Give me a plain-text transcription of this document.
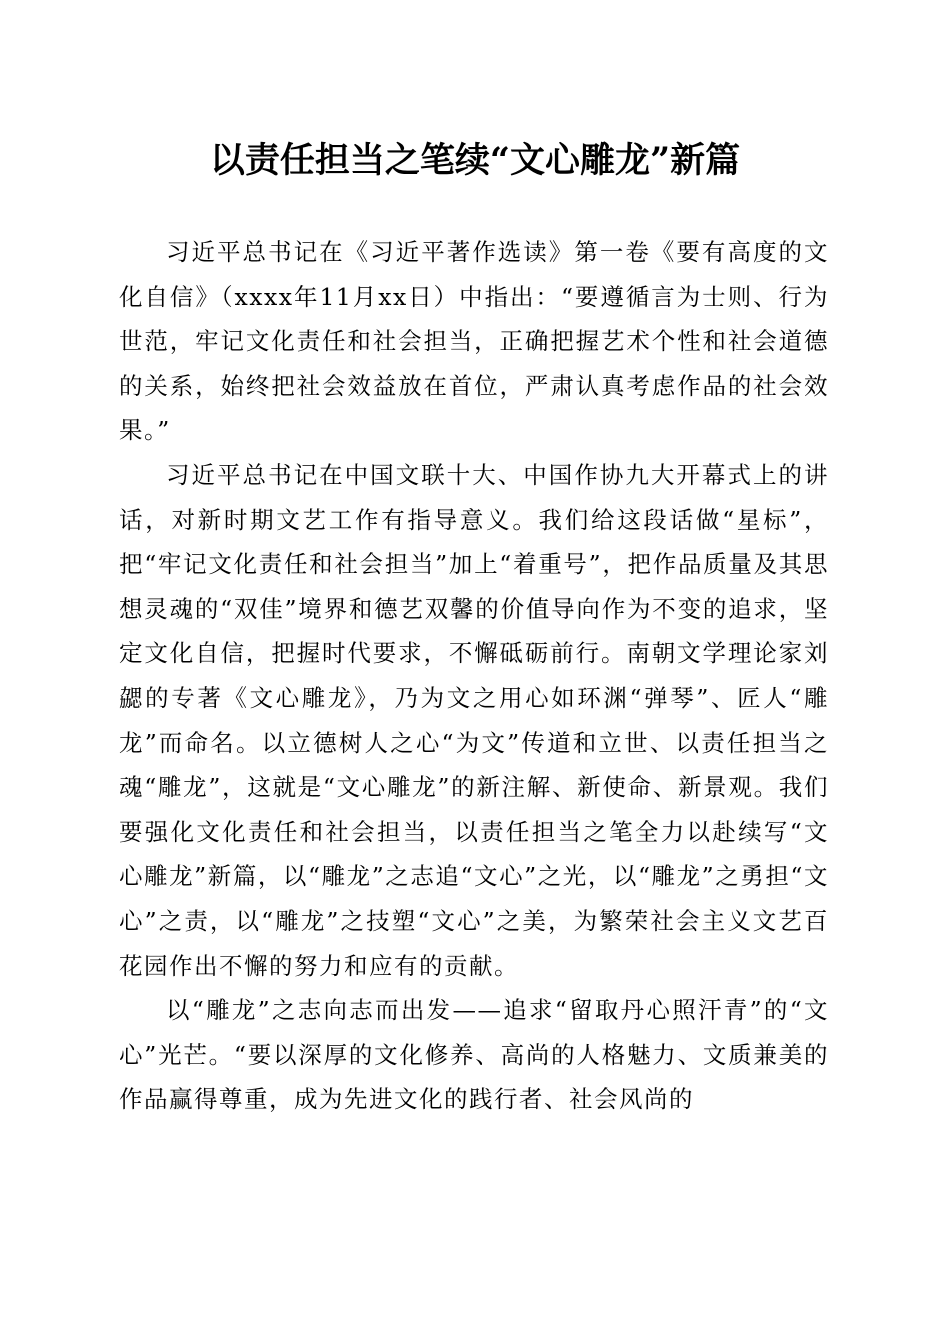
以责任担当之笔续“文心雕龙”新篇

习近平总书记在《习近平著作选读》第一卷《要有高度的文化自信》（xxxx年11月xx日）中指出：“要遵循言为士则、行为世范，牢记文化责任和社会担当，正确把握艺术个性和社会道德的关系，始终把社会效益放在首位，严肃认真考虑作品的社会效果。”

习近平总书记在中国文联十大、中国作协九大开幕式上的讲话，对新时期文艺工作有指导意义。我们给这段话做“星标”，把“牢记文化责任和社会担当”加上“着重号”，把作品质量及其思想灵魂的“双佳”境界和德艺双馨的价值导向作为不变的追求，坚定文化自信，把握时代要求，不懈砥砺前行。南朝文学理论家刘勰的专著《文心雕龙》，乃为文之用心如环渊“弹琴”、匠人“雕龙”而命名。以立德树人之心“为文”传道和立世、以责任担当之魂“雕龙”，这就是“文心雕龙”的新注解、新使命、新景观。我们要强化文化责任和社会担当，以责任担当之笔全力以赴续写“文心雕龙”新篇，以“雕龙”之志追“文心”之光，以“雕龙”之勇担“文心”之责，以“雕龙”之技塑“文心”之美，为繁荣社会主义文艺百花园作出不懈的努力和应有的贡献。

以“雕龙”之志向志而出发——追求“留取丹心照汗青”的“文心”光芒。“要以深厚的文化修养、高尚的人格魅力、文质兼美的作品赢得尊重，成为先进文化的践行者、社会风尚的
